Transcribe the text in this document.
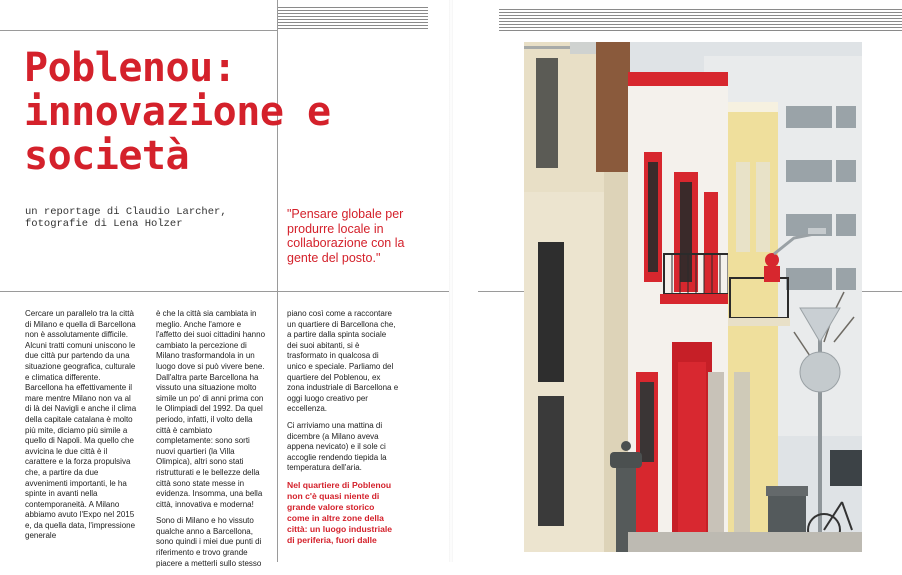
Poblenou: innovazione e società
un reportage di Claudio Larcher, fotografie di Lena Holzer
"Pensare globale per produrre locale in collaborazione con la gente del posto."

Cercare un parallelo tra la città di Milano e quella di Barcellona non è assolutamente difficile. Alcuni tratti comuni uniscono le due città pur partendo da una situazione geografica, culturale e climatica differente. Barcellona ha effettivamente il mare mentre Milano non va al di là dei Navigli e anche il clima della capitale catalana è molto più mite, diciamo più simile a quello di Napoli. Ma quello che avvicina le due città è il carattere e la forza propulsiva che, a partire da due avvenimenti importanti, le ha spinte in avanti nella contemporaneità. A Milano abbiamo avuto l'Expo nel 2015 e, da quella data, l'impressione generale

è che la città sia cambiata in meglio. Anche l'amore e l'affetto dei suoi cittadini hanno cambiato la percezione di Milano trasformandola in un luogo dove si può vivere bene. Dall'altra parte Barcellona ha vissuto una situazione molto simile un po' di anni prima con le Olimpiadi del 1992. Da quel periodo, infatti, il volto della città è cambiato completamente: sono sorti nuovi quartieri (la Villa Olimpica), altri sono stati ristrutturati e le bellezze della città sono state messe in evidenza. Insomma, una bella città, innovativa e moderna!

Sono di Milano e ho vissuto qualche anno a Barcellona, sono quindi i miei due punti di riferimento e trovo grande piacere a metterli sullo stesso

piano così come a raccontare un quartiere di Barcellona che, a partire dalla spinta sociale dei suoi abitanti, si è trasformato in qualcosa di unico e speciale. Parliamo del quartiere del Poblenou, ex zona industriale di Barcellona e oggi luogo creativo per eccellenza.

Ci arriviamo una mattina di dicembre (a Milano aveva appena nevicato) e il sole ci accoglie rendendo tiepida la temperatura dell'aria.

Nel quartiere di Poblenou non c'è quasi niente di grande valore storico come in altre zone della città: un luogo industriale di periferia, fuori dalle
